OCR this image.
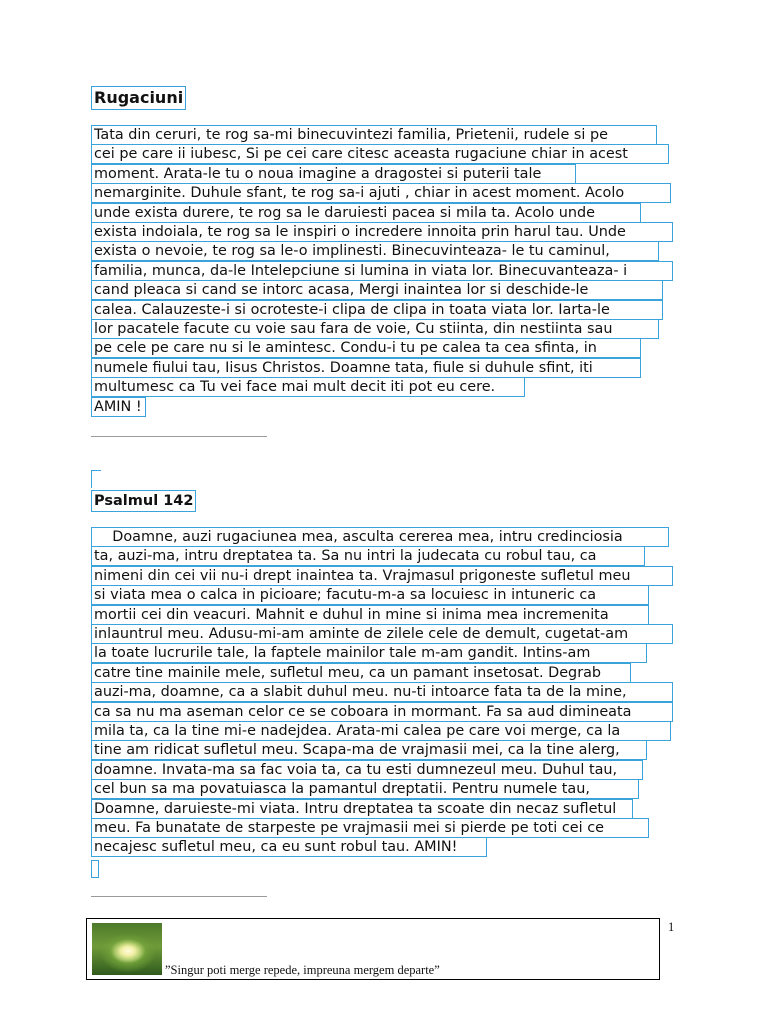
Rugaciuni
Tata din ceruri, te rog sa-mi binecuvintezi familia, Prietenii, rudele si pe
cei pe care ii iubesc, Si pe cei care citesc aceasta rugaciune chiar in acest
moment. Arata-le tu o noua imagine a dragostei si puterii tale
nemarginite. Duhule sfant, te rog sa-i ajuti , chiar in acest moment. Acolo
unde exista durere, te rog sa le daruiesti pacea si mila ta. Acolo unde
exista indoiala, te rog sa le inspiri o incredere innoita prin harul tau. Unde
exista o nevoie, te rog sa le-o implinesti. Binecuvinteaza- le tu caminul,
familia, munca, da-le Intelepciune si lumina in viata lor. Binecuvanteaza- i
cand pleaca si cand se intorc acasa, Mergi inaintea lor si deschide-le
calea. Calauzeste-i si ocroteste-i clipa de clipa in toata viata lor. Iarta-le
lor pacatele facute cu voie sau fara de voie, Cu stiinta, din nestiinta sau
pe cele pe care nu si le amintesc. Condu-i tu pe calea ta cea sfinta, in
numele fiului tau, Iisus Christos. Doamne tata, fiule si duhule sfint, iti
multumesc ca Tu vei face mai mult decit iti pot eu cere.
AMIN !
Psalmul 142
Doamne, auzi rugaciunea mea, asculta cererea mea, intru credinciosia
ta, auzi-ma, intru dreptatea ta. Sa nu intri la judecata cu robul tau, ca
nimeni din cei vii nu-i drept inaintea ta. Vrajmasul prigoneste sufletul meu
si viata mea o calca in picioare; facutu-m-a sa locuiesc in intuneric ca
mortii cei din veacuri. Mahnit e duhul in mine si inima mea incremenita
inlauntrul meu. Adusu-mi-am aminte de zilele cele de demult, cugetat-am
la toate lucrurile tale, la faptele mainilor tale m-am gandit. Intins-am
catre tine mainile mele, sufletul meu, ca un pamant insetosat. Degrab
auzi-ma, doamne, ca a slabit duhul meu. nu-ti intoarce fata ta de la mine,
ca sa nu ma aseman celor ce se coboara in mormant. Fa sa aud dimineata
mila ta, ca la tine mi-e nadejdea. Arata-mi calea pe care voi merge, ca la
tine am ridicat sufletul meu. Scapa-ma de vrajmasii mei, ca la tine alerg,
doamne. Invata-ma sa fac voia ta, ca tu esti dumnezeul meu. Duhul tau,
cel bun sa ma povatuiasca la pamantul dreptatii. Pentru numele tau,
Doamne, daruieste-mi viata. Intru dreptatea ta scoate din necaz sufletul
meu. Fa bunatate de starpeste pe vrajmasii mei si pierde pe toti cei ce
necajesc sufletul meu, ca eu sunt robul tau. AMIN!
”Singur poti merge repede, impreuna mergem departe”
1
